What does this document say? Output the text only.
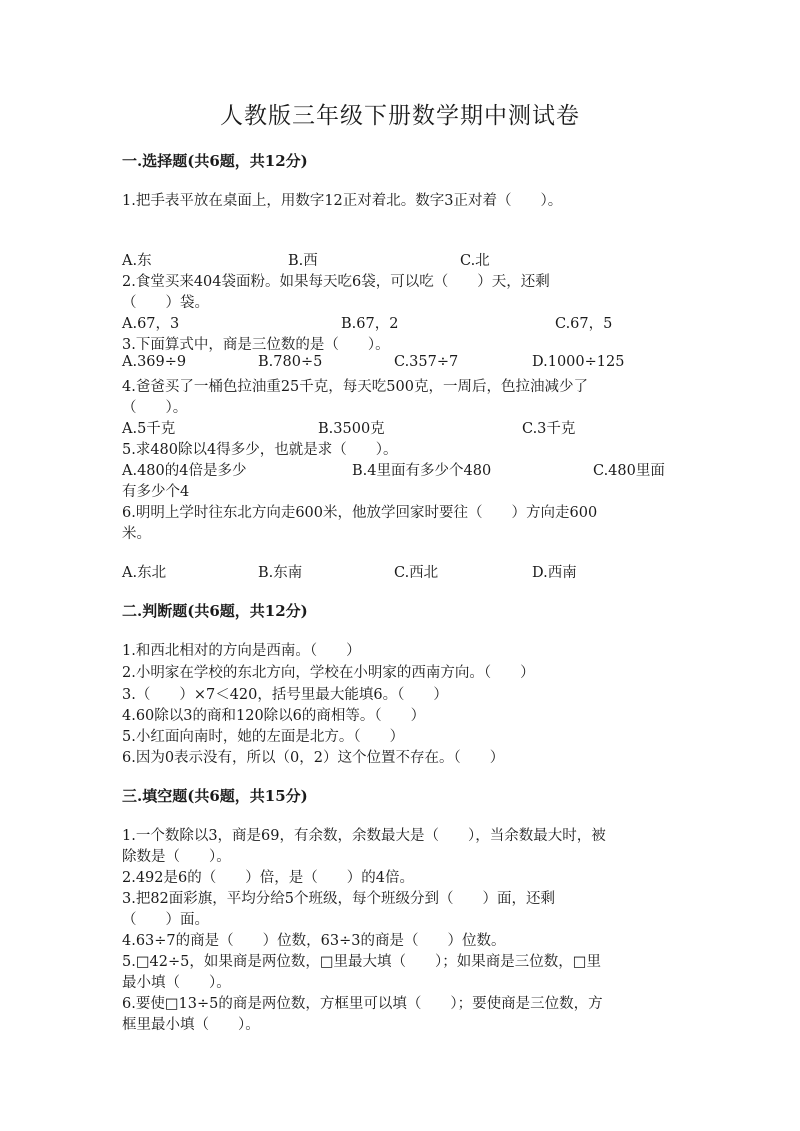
人教版三年级下册数学期中测试卷
一.选择题(共6题，共12分)
1.把手表平放在桌面上，用数字12正对着北。数字3正对着（　　）。
A.东	B.西	C.北
2.食堂买来404袋面粉。如果每天吃6袋，可以吃（　　）天，还剩
（　　）袋。
A.67，3	B.67，2	C.67，5
3.下面算式中，商是三位数的是（　　）。
A.369÷9	B.780÷5	C.357÷7	D.1000÷125
4.爸爸买了一桶色拉油重25千克，每天吃500克，一周后，色拉油减少了
（　　）。
A.5千克	B.3500克	C.3千克
5.求480除以4得多少，也就是求（　　）。
A.480的4倍是多少	B.4里面有多少个480	C.480里面
有多少个4
6.明明上学时往东北方向走600米，他放学回家时要往（　　）方向走600
米。
A.东北	B.东南	C.西北	D.西南
二.判断题(共6题，共12分)
1.和西北相对的方向是西南。（　　）
2.小明家在学校的东北方向，学校在小明家的西南方向。（　　）
3.（　　）×7＜420，括号里最大能填6。（　　）
4.60除以3的商和120除以6的商相等。（　　）
5.小红面向南时，她的左面是北方。（　　）
6.因为0表示没有，所以（0，2）这个位置不存在。（　　）
三.填空题(共6题，共15分)
1.一个数除以3，商是69，有余数，余数最大是（　　），当余数最大时，被
除数是（　　）。
2.492是6的（　　）倍，是（　　）的4倍。
3.把82面彩旗，平均分给5个班级，每个班级分到（　　）面，还剩
（　　）面。
4.63÷7的商是（　　）位数，63÷3的商是（　　）位数。
5.□42÷5，如果商是两位数，□里最大填（　　）；如果商是三位数，□里
最小填（　　）。
6.要使□13÷5的商是两位数，方框里可以填（　　）；要使商是三位数，方
框里最小填（　　）。
